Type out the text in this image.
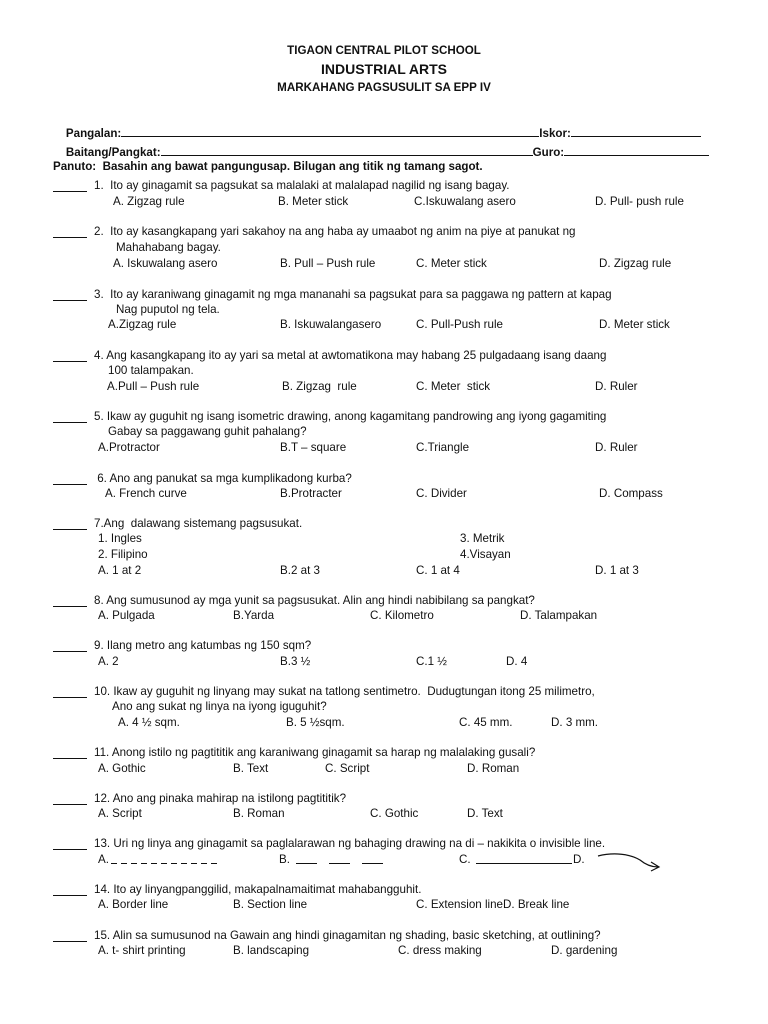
TIGAON CENTRAL PILOT SCHOOL
INDUSTRIAL ARTS
MARKAHANG PAGSUSULIT SA EPP IV

Pangalan:	Iskor:

Baitang/Pangkat:	Guro:

Panuto:  Basahin ang bawat pangungusap. Bilugan ang titik ng tamang sagot.
1.  Ito ay ginagamit sa pagsukat sa malalaki at malalapad nagilid ng isang bagay.
A. Zigzag rule	B. Meter stick	C.Iskuwalang asero	D. Pull- push rule
2.  Ito ay kasangkapang yari sakahoy na ang haba ay umaabot ng anim na piye at panukat ng
Mahahabang bagay.
A. Iskuwalang asero	B. Pull – Push rule	C. Meter stick	D. Zigzag rule
3.  Ito ay karaniwang ginagamit ng mga mananahi sa pagsukat para sa paggawa ng pattern at kapag
Nag puputol ng tela.
A.Zigzag rule	B. Iskuwalangasero	C. Pull-Push rule	D. Meter stick
4. Ang kasangkapang ito ay yari sa metal at awtomatikona may habang 25 pulgadaang isang daang
100 talampakan.
A.Pull – Push rule	B. Zigzag  rule	C. Meter  stick	D. Ruler
5. Ikaw ay guguhit ng isang isometric drawing, anong kagamitang pandrowing ang iyong gagamiting
Gabay sa paggawang guhit pahalang?
A.Protractor	B.T – square	C.Triangle	D. Ruler
6. Ano ang panukat sa mga kumplikadong kurba?
A. French curve	B.Protracter	C. Divider	D. Compass
7.Ang  dalawang sistemang pagsusukat.
1. Ingles	3. Metrik
2. Filipino	4.Visayan
A. 1 at 2	B.2 at 3	C. 1 at 4	D. 1 at 3
8. Ang sumusunod ay mga yunit sa pagsusukat. Alin ang hindi nabibilang sa pangkat?
A. Pulgada	B.Yarda	C. Kilometro	D. Talampakan
9. Ilang metro ang katumbas ng 150 sqm?
A. 2	B.3 ½	C.1 ½	D. 4
10. Ikaw ay guguhit ng linyang may sukat na tatlong sentimetro.  Dudugtungan itong 25 milimetro,
Ano ang sukat ng linya na iyong iguguhit?
A. 4 ½ sqm.	B. 5 ½sqm.	C. 45 mm.	D. 3 mm.
11. Anong istilo ng pagtititik ang karaniwang ginagamit sa harap ng malalaking gusali?
A. Gothic	B. Text	C. Script	D. Roman
12. Ano ang pinaka mahirap na istilong pagtititik?
A. Script	B. Roman	C. Gothic	D. Text
13. Uri ng linya ang ginagamit sa paglalarawan ng bahaging drawing na di – nakikita o invisible line.
A.	B.	C.	D.
14. Ito ay linyangpanggilid, makapalnamaitimat mahabangguhit.
A. Border line	B. Section line	C. Extension lineD. Break line
15. Alin sa sumusunod na Gawain ang hindi ginagamitan ng shading, basic sketching, at outlining?
A. t- shirt printing	B. landscaping	C. dress making	D. gardening
